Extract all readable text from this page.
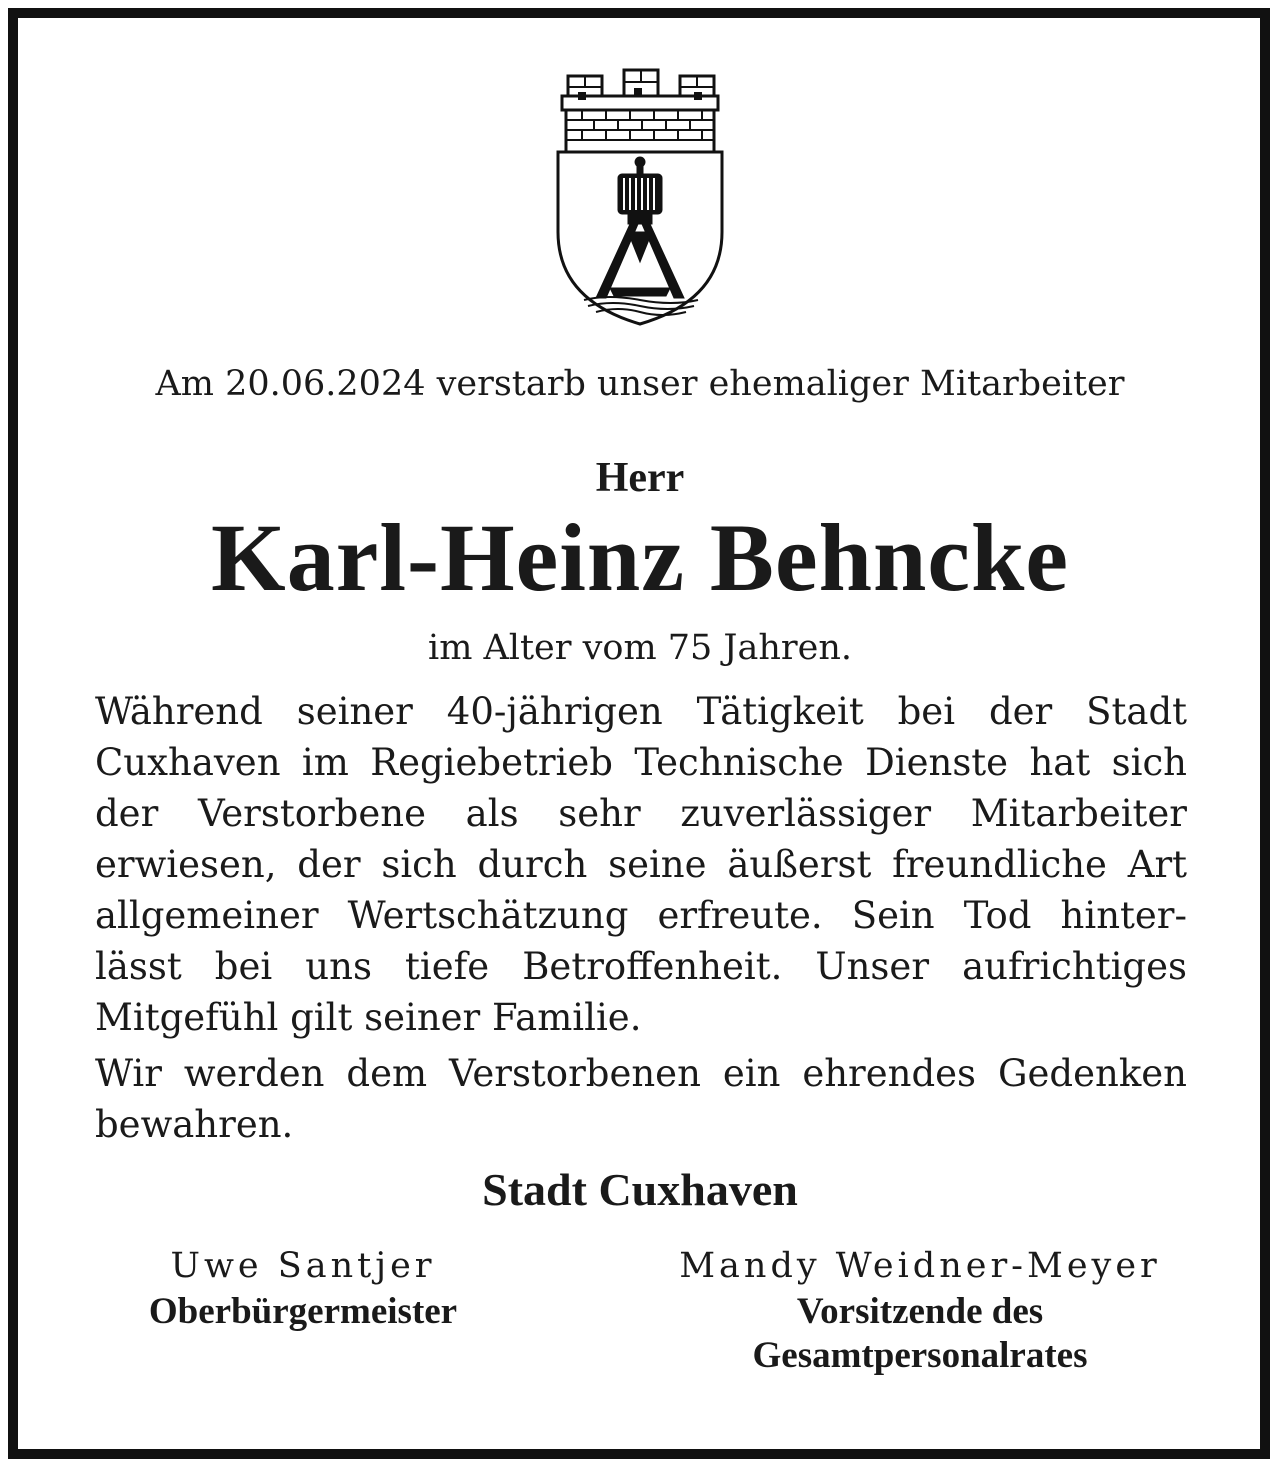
Am 20.06.2024 verstarb unser ehemaliger Mitarbeiter
Herr
Karl-Heinz Behncke
im Alter vom 75 Jahren.
Während seiner 40-jährigen Tätigkeit bei der Stadt
Cuxhaven im Regiebetrieb Technische Dienste hat sich
der Verstorbene als sehr zuverlässiger Mitarbeiter
erwiesen, der sich durch seine äußerst freundliche Art
allgemeiner Wertschätzung erfreute. Sein Tod hinter-
lässt bei uns tiefe Betroffenheit. Unser aufrichtiges
Mitgefühl gilt seiner Familie.
Wir werden dem Verstorbenen ein ehrendes Gedenken
bewahren.
Stadt Cuxhaven
Uwe Santjer
Oberbürgermeister
Mandy Weidner-Meyer
Vorsitzende des
Gesamtpersonalrates
